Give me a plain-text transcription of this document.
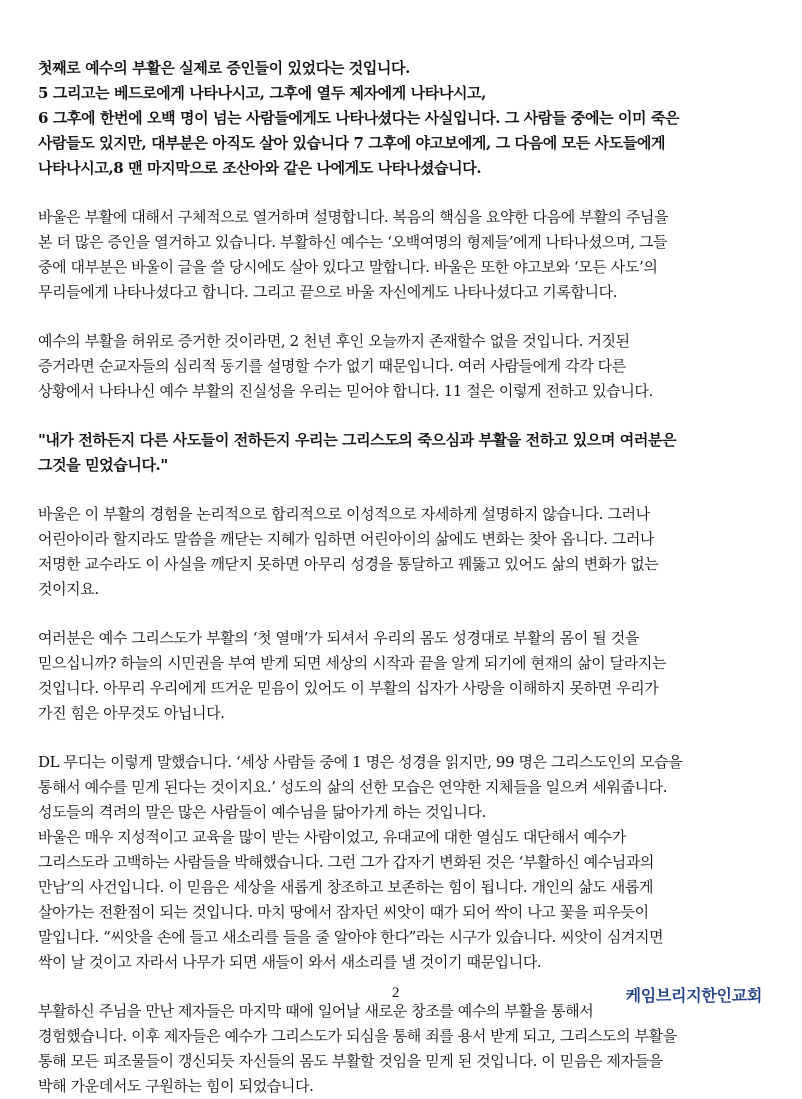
첫째로 예수의 부활은 실제로 증인들이 있었다는 것입니다.
5 그리고는 베드로에게 나타나시고, 그후에 열두 제자에게 나타나시고,
6 그후에 한번에 오백 명이 넘는 사람들에게도 나타나셨다는 사실입니다. 그 사람들 중에는 이미 죽은
사람들도 있지만, 대부분은 아직도 살아 있습니다 7 그후에 야고보에게, 그 다음에 모든 사도들에게
나타나시고,8 맨 마지막으로 조산아와 같은 나에게도 나타나셨습니다.

바울은 부활에 대해서 구체적으로 열거하며 설명합니다. 복음의 핵심을 요약한 다음에 부활의 주님을
본 더 많은 증인을 열거하고 있습니다. 부활하신 예수는 ‘오백여명의 형제들’에게 나타나셨으며, 그들
중에 대부분은 바울이 글을 쓸 당시에도 살아 있다고 말합니다. 바울은 또한 야고보와 ‘모든 사도’의
무리들에게 나타나셨다고 합니다. 그리고 끝으로 바울 자신에게도 나타나셨다고 기록합니다.

예수의 부활을 허위로 증거한 것이라면, 2 천년 후인 오늘까지 존재할수 없을 것입니다. 거짓된
증거라면 순교자들의 심리적 동기를 설명할 수가 없기 때문입니다. 여러 사람들에게 각각 다른
상황에서 나타나신 예수 부활의 진실성을 우리는 믿어야 합니다. 11 절은 이렇게 전하고 있습니다.

"내가 전하든지 다른 사도들이 전하든지 우리는 그리스도의 죽으심과 부활을 전하고 있으며 여러분은
그것을 믿었습니다."

바울은 이 부활의 경험을 논리적으로 합리적으로 이성적으로 자세하게 설명하지 않습니다. 그러나
어린아이라 할지라도 말씀을 깨닫는 지혜가 임하면 어린아이의 삶에도 변화는 찾아 옵니다. 그러나
저명한 교수라도 이 사실을 깨닫지 못하면 아무리 성경을 통달하고 꿰뚫고 있어도 삶의 변화가 없는
것이지요.

여러분은 예수 그리스도가 부활의 ‘첫 열매’가 되셔서 우리의 몸도 성경대로 부활의 몸이 될 것을
믿으십니까? 하늘의 시민권을 부여 받게 되면 세상의 시작과 끝을 알게 되기에 현재의 삶이 달라지는
것입니다. 아무리 우리에게 뜨거운 믿음이 있어도 이 부활의 십자가 사랑을 이해하지 못하면 우리가
가진 힘은 아무것도 아닙니다.

DL 무디는 이렇게 말했습니다. ‘세상 사람들 중에 1 명은 성경을 읽지만, 99 명은 그리스도인의 모습을
통해서 예수를 믿게 된다는 것이지요.’ 성도의 삶의 선한 모습은 연약한 지체들을 일으켜 세워줍니다.
성도들의 격려의 말은 많은 사람들이 예수님을 닮아가게 하는 것입니다.
바울은 매우 지성적이고 교육을 많이 받는 사람이었고, 유대교에 대한 열심도 대단해서 예수가
그리스도라 고백하는 사람들을 박해했습니다. 그런 그가 갑자기 변화된 것은 ‘부활하신 예수님과의
만남’의 사건입니다. 이 믿음은 세상을 새롭게 창조하고 보존하는 힘이 됩니다. 개인의 삶도 새롭게
살아가는 전환점이 되는 것입니다. 마치 땅에서 잠자던 씨앗이 때가 되어 싹이 나고 꽃을 피우듯이
말입니다. “씨앗을 손에 들고 새소리를 들을 줄 알아야 한다”라는 시구가 있습니다. 씨앗이 심겨지면
싹이 날 것이고 자라서 나무가 되면 새들이 와서 새소리를 낼 것이기 때문입니다.

부활하신 주님을 만난 제자들은 마지막 때에 일어날 새로운 창조를 예수의 부활을 통해서
경험했습니다. 이후 제자들은 예수가 그리스도가 되심을 통해 죄를 용서 받게 되고, 그리스도의 부활을
통해 모든 피조물들이 갱신되듯 자신들의 몸도 부활할 것임을 믿게 된 것입니다. 이 믿음은 제자들을
박해 가운데서도 구원하는 힘이 되었습니다.

2	케임브리지한인교회
